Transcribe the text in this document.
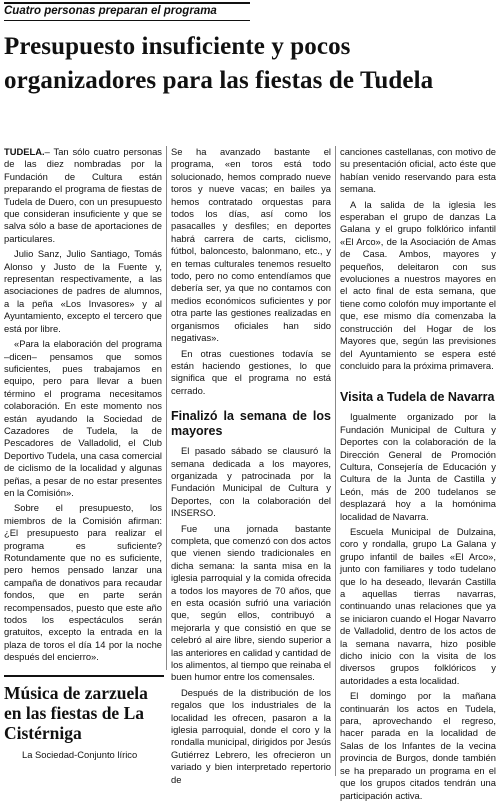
Cuatro personas preparan el programa
Presupuesto insuficiente y pocos organizadores para las fiestas de Tudela

TUDELA.– Tan sólo cuatro personas de las diez nombradas por la Fundación de Cultura están preparando el programa de fiestas de Tudela de Duero, con un presupuesto que consideran insuficiente y que se salva sólo a base de aportaciones de particulares.

Julio Sanz, Julio Santiago, Tomás Alonso y Justo de la Fuente y, representan respectivamente, a las asociaciones de padres de alumnos, a la peña «Los Invasores» y al Ayuntamiento, excepto el tercero que está por libre.

«Para la elaboración del programa –dicen– pensamos que somos suficientes, pues trabajamos en equipo, pero para llevar a buen término el programa necesitamos colaboración. En este momento nos están ayudando la Sociedad de Cazadores de Tudela, la de Pescadores de Valladolid, el Club Deportivo Tudela, una casa comercial de ciclismo de la localidad y algunas peñas, a pesar de no estar presentes en la Comisión».

Sobre el presupuesto, los miembros de la Comisión afirman: ¿El presupuesto para realizar el programa es suficiente? Rotundamente que no es suficiente, pero hemos pensado lanzar una campaña de donativos para recaudar fondos, que en parte serán recompensados, puesto que este año todos los espectáculos serán gratuitos, excepto la entrada en la plaza de toros el día 14 por la noche después del encierro».

Se ha avanzado bastante el programa, «en toros está todo solucionado, hemos comprado nueve toros y nueve vacas; en bailes ya hemos contratado orquestas para todos los días, así como los pasacalles y desfiles; en deportes habrá carrera de carts, ciclismo, fútbol, baloncesto, balonmano, etc., y en temas culturales tenemos resuelto todo, pero no como entendíamos que debería ser, ya que no contamos con medios económicos suficientes y por otra parte las gestiones realizadas en organismos oficiales han sido negativas».

En otras cuestiones todavía se están haciendo gestiones, lo que significa que el programa no está cerrado.

Finalizó la semana de los mayores

El pasado sábado se clausuró la semana dedicada a los mayores, organizada y patrocinada por la Fundación Municipal de Cultura y Deportes, con la colaboración del INSERSO.

Fue una jornada bastante completa, que comenzó con dos actos que vienen siendo tradicionales en dicha semana: la santa misa en la iglesia parroquial y la comida ofrecida a todos los mayores de 70 años, que en esta ocasión sufrió una variación que, según ellos, contribuyó a mejorarla y que consistió en que se celebró al aire libre, siendo superior a las anteriores en calidad y cantidad de los alimentos, al tiempo que reinaba el buen humor entre los comensales.

Después de la distribución de los regalos que los industriales de la localidad les ofrecen, pasaron a la iglesia parroquial, donde el coro y la rondalla municipal, dirigidos por Jesús Gutiérrez Lebrero, les ofrecieron un variado y bien interpretado repertorio de

canciones castellanas, con motivo de su presentación oficial, acto éste que habían venido reservando para esta semana.

A la salida de la iglesia les esperaban el grupo de danzas La Galana y el grupo folklórico infantil «El Arco», de la Asociación de Amas de Casa. Ambos, mayores y pequeños, deleitaron con sus evoluciones a nuestros mayores en el acto final de esta semana, que tiene como colofón muy importante el que, ese mismo día comenzaba la construcción del Hogar de los Mayores que, según las previsiones del Ayuntamiento se espera esté concluido para la próxima primavera.

Visita a Tudela de Navarra

Igualmente organizado por la Fundación Municipal de Cultura y Deportes con la colaboración de la Dirección General de Promoción Cultura, Consejería de Educación y Cultura de la Junta de Castilla y León, más de 200 tudelanos se desplazará hoy a la homónima localidad de Navarra.

Escuela Municipal de Dulzaina, coro y rondalla, grupo La Galana y grupo infantil de bailes «El Arco», junto con familiares y todo tudelano que lo ha deseado, llevarán Castilla a aquellas tierras navarras, continuando unas relaciones que ya se iniciaron cuando el Hogar Navarro de Valladolid, dentro de los actos de la semana navarra, hizo posible dicho inicio con la visita de los diversos grupos folklóricos y autoridades a esta localidad.

El domingo por la mañana continuarán los actos en Tudela, para, aprovechando el regreso, hacer parada en la localidad de Salas de los Infantes de la vecina provincia de Burgos, donde también se ha preparado un programa en el que los grupos citados tendrán una participación activa.

Música de zarzuela en las fiestas de La Cistérniga
La Sociedad-Conjunto lírico
